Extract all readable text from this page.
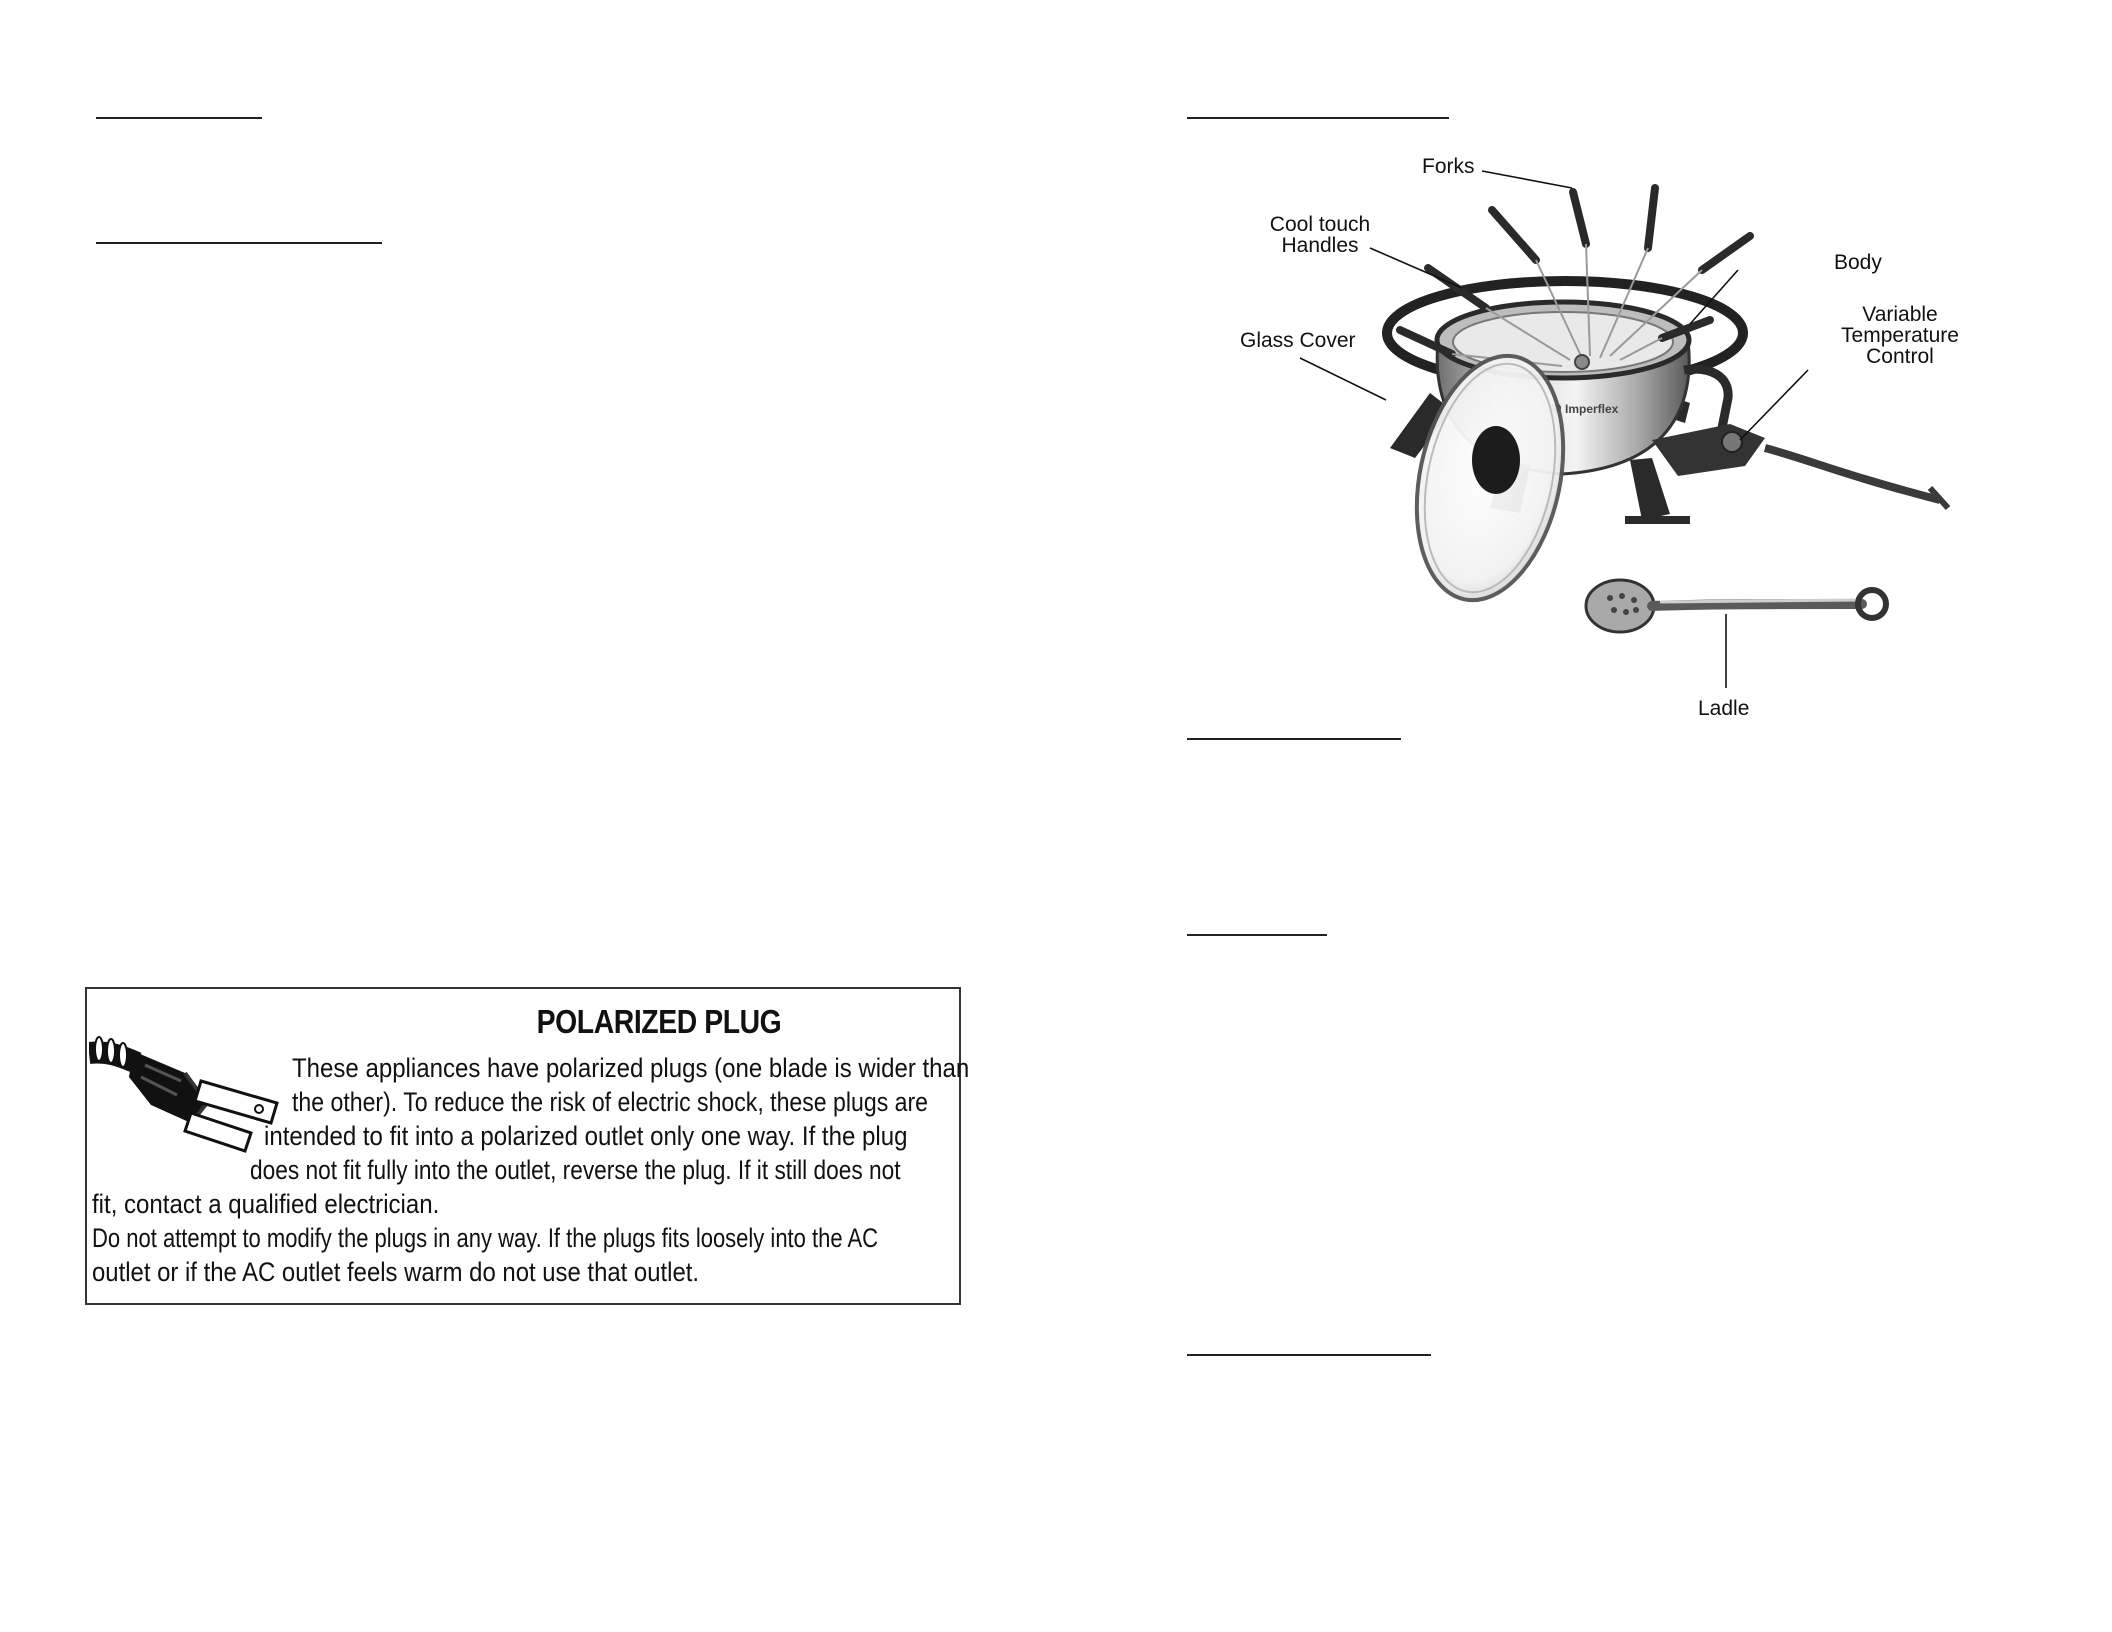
POLARIZED PLUG
These appliances have polarized plugs (one blade is wider than
the other). To reduce the risk of electric shock, these plugs are
intended to fit into a polarized outlet only one way. If the plug
does not fit fully into the outlet, reverse the plug. If it still does not
fit, contact a qualified electrician.
Do not attempt to modify the plugs in any way. If the plugs fits loosely into the AC
outlet or if the AC outlet feels warm do not use that outlet.
Imperflex
Forks
Cool touch
Handles
Body
Glass Cover
Variable
Temperature
Control
Ladle
